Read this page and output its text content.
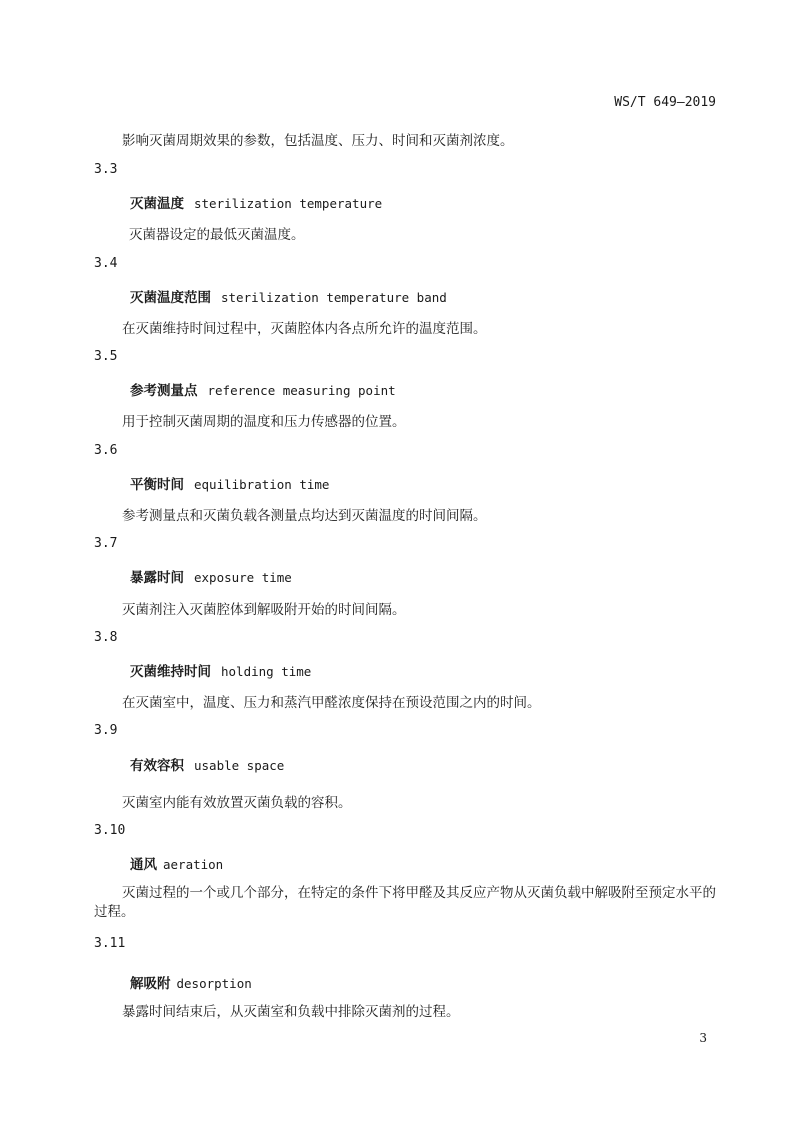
WS/T 649—2019
影响灭菌周期效果的参数，包括温度、压力、时间和灭菌剂浓度。
3.3
灭菌温度 sterilization temperature
灭菌器设定的最低灭菌温度。
3.4
灭菌温度范围 sterilization temperature band
在灭菌维持时间过程中，灭菌腔体内各点所允许的温度范围。
3.5
参考测量点 reference measuring point
用于控制灭菌周期的温度和压力传感器的位置。
3.6
平衡时间 equilibration time
参考测量点和灭菌负载各测量点均达到灭菌温度的时间间隔。
3.7
暴露时间 exposure time
灭菌剂注入灭菌腔体到解吸附开始的时间间隔。
3.8
灭菌维持时间 holding time
在灭菌室中，温度、压力和蒸汽甲醛浓度保持在预设范围之内的时间。
3.9
有效容积 usable space
灭菌室内能有效放置灭菌负载的容积。
3.10
通风 aeration
灭菌过程的一个或几个部分，在特定的条件下将甲醛及其反应产物从灭菌负载中解吸附至预定水平的过程。
3.11
解吸附 desorption
暴露时间结束后，从灭菌室和负载中排除灭菌剂的过程。
3
